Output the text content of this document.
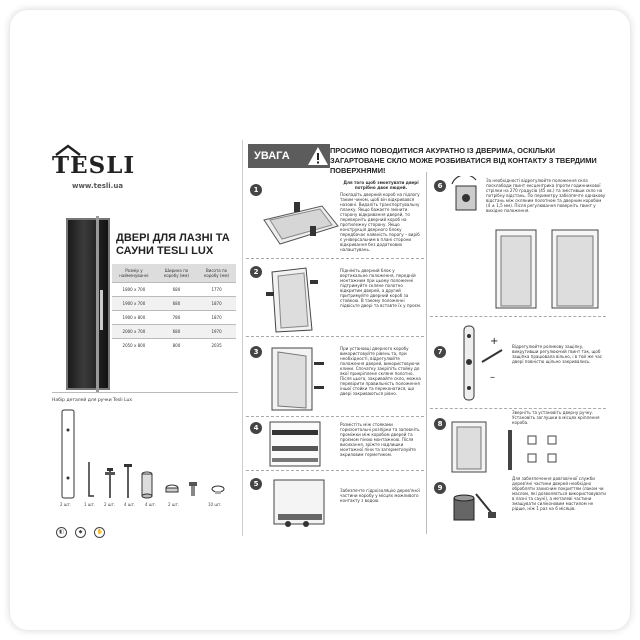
TESLI
www.tesli.ua
ДВЕРІ ДЛЯ ЛАЗНІ ТА САУНИ TESLI LUX
Розмір у найменуваннi	Ширина по коробу (мм)	Висота по коробу (мм)
1800 x 700	680	1770
1900 x 700	680	1870
1900 x 800	780	1870
2000 x 700	680	1970
2050 x 800	800	2035
Набір деталей для ручки Tesli Lux
2 шт.	1 шт. 2 шт. 4 шт. 4 шт.	2 шт.	10 шт.
◧	◆	✋
УВАГА	ПРОСИМО ПОВОДИТИСЯ АКУРАТНО ІЗ ДВЕРИМА, ОСКІЛЬКИ ЗАГАРТОВАНЕ СКЛО МОЖЕ РОЗБИВАТИСЯ ВІД КОНТАКТУ З ТВЕРДИМИ ПОВЕРХНЯМИ!
1
Для того щоб змонтувати двері потрібно двоє людей.
Покладіть дверний короб на підлогу таким чином, щоб він відкривався назовні. Видаліть транспортувальну планку. Якщо бажаєте змінити сторону відкривання дверей, то переверніть дверний короб на протилежну сторону. Якщо конструкція дверного блоку передбачає наявність порогу – виріб є універсальним в плані сторони відкривання без додаткових налаштувань.
2	Підніміть дверний блок у вертикальне положення, передній монтажним при цьому положенні підтримуйте скляне полотно відкритим дверей, а другий притримуйте дверний короб за стойкою. В такому положенні підвісьте двері та вставте їх у проєм.
3	При установці дверного коробу використовуйте рівень та, при необхідності, відрегулюйте положення дверей, використовуючи клини. Спочатку закріпіть стойку до якої прикріплене скляне полотно. Після цього, закривайте скло, можна перевірити правильність положення іншої стойки та переконатися, що двері закриваються рівно.
4	Розмістіть між стояками горизонтальні розпірки та заповніть проміжки між коробом дверей та проємом піною монтажною. Після висихання, зріжте надлишки монтажної піни та загерметизуйте акриловим герметиком.
5
Забезпечте гідроізоляцію дерев'яної частини коробу у місцях можливого контакту з водою.
6
За необхідності відрегулюйте положення скла посклабоди гвинт ексцентрика (проти годинникової стрілки на 270 градусів (45 хв.) та змістивши скло на потрібну відстань. По периметру забезпечте однакову відстань між скляним полотном та дверним коробом (4 ± 1,5 мм). Після регулювання поверніть гвинт у вихідне положення.
7
+
–
Відрегулюйте роликову защіпку, викрутивши регулюючий гвинт так, щоб защіпка працювала вільно, і в той же час двері повністю щільно закривались.
8
Зверніть та установіть дверну ручку. Установіть заглушки в місцях кріплення короба.
9
Для забезпечення довговічної служби дерев'яні частини дверей необхідно обробляти захисним покриттям (лаком чи маслом, які дозволяється використовувати в лазні та сауні), а металеві частини змащувати силіконовим мастилом не рідше, ніж 1 раз на 6 місяців.
